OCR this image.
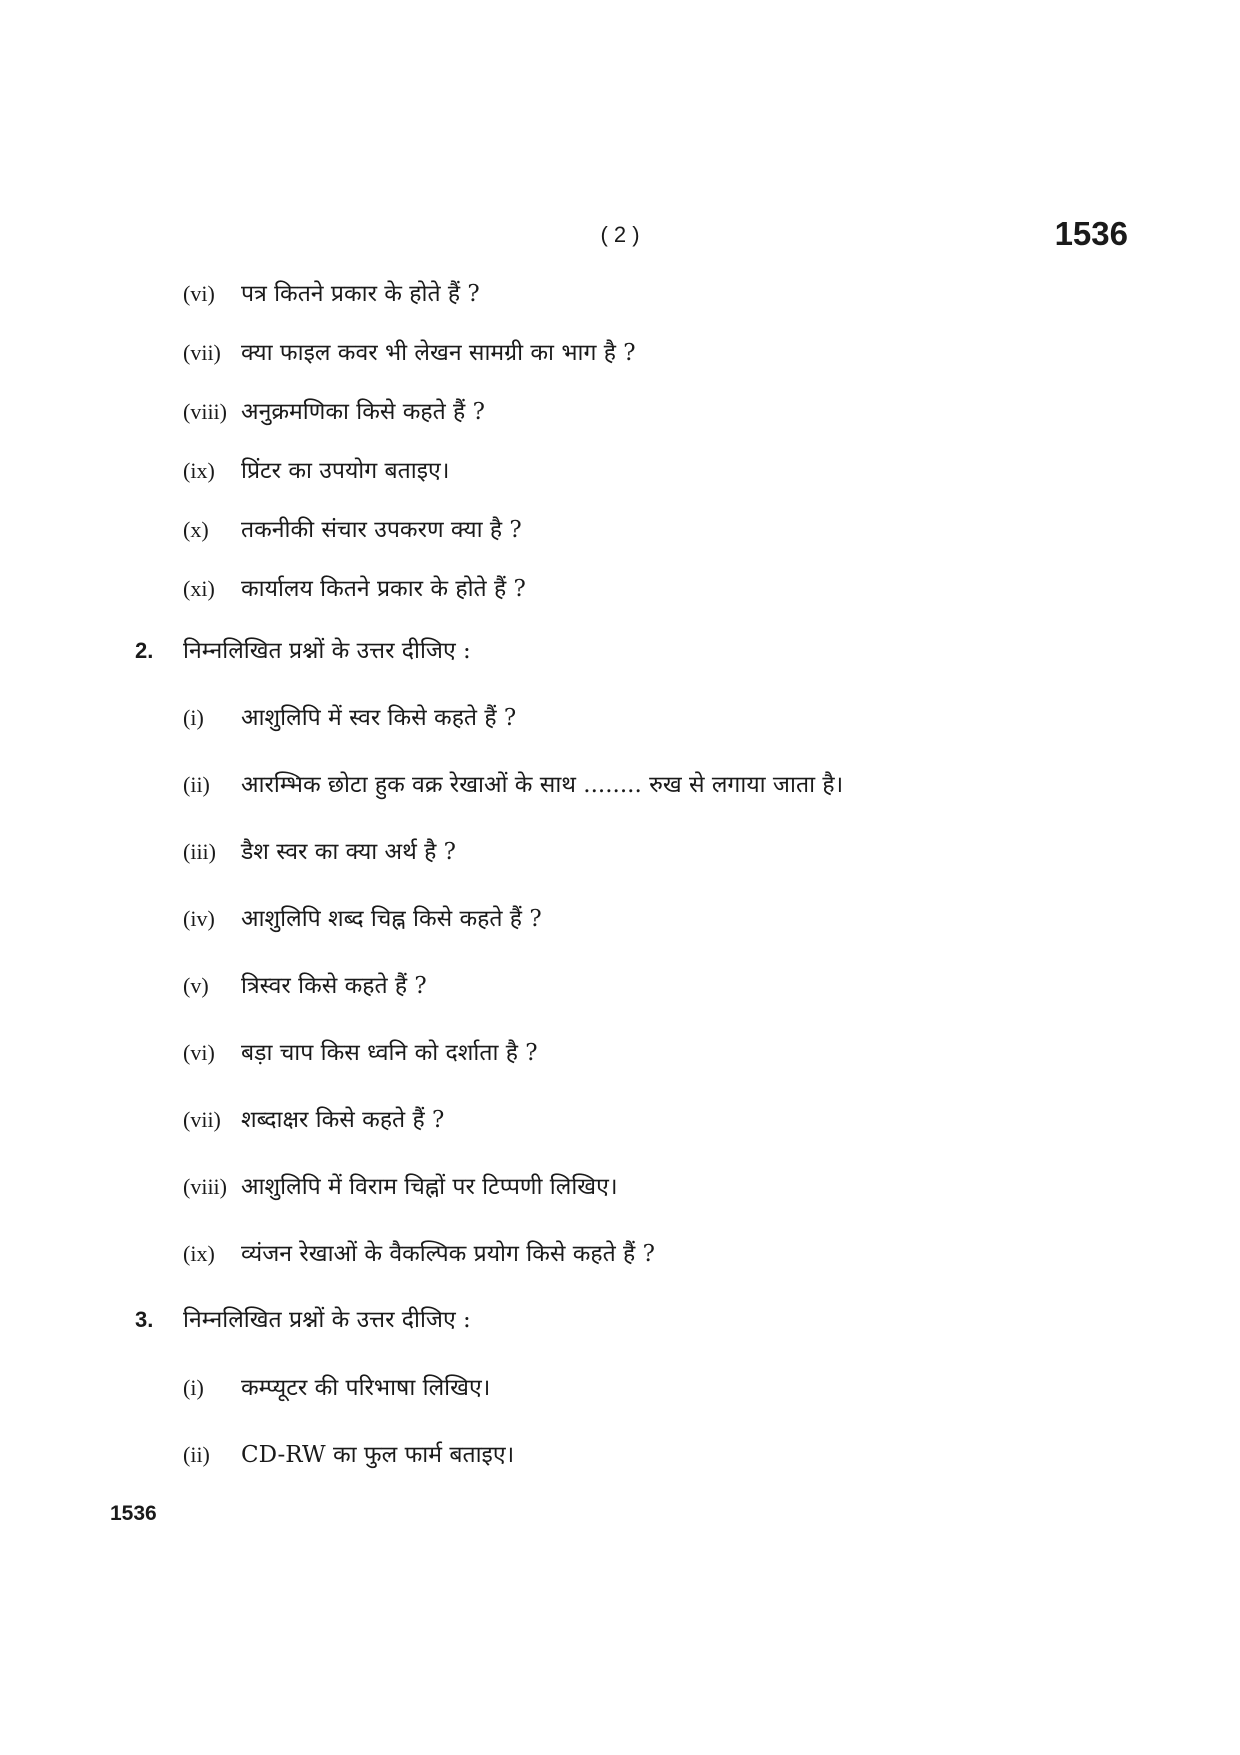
( 2 )	1536
(vi)	पत्र कितने प्रकार के होते हैं ?
(vii) क्या फाइल कवर भी लेखन सामग्री का भाग है ?
(viii) अनुक्रमणिका किसे कहते हैं ?
(ix)	प्रिंटर का उपयोग बताइए।
(x)	तकनीकी संचार उपकरण क्या है ?
(xi)	कार्यालय कितने प्रकार के होते हैं ?
2.	निम्नलिखित प्रश्नों के उत्तर दीजिए :
(i)	आशुलिपि में स्वर किसे कहते हैं ?
(ii)	आरम्भिक छोटा हुक वक्र रेखाओं के साथ ........ रुख से लगाया जाता है।
(iii)	डैश स्वर का क्या अर्थ है ?
(iv)	आशुलिपि शब्द चिह्न किसे कहते हैं ?
(v)	त्रिस्वर किसे कहते हैं ?
(vi)	बड़ा चाप किस ध्वनि को दर्शाता है ?
(vii) शब्दाक्षर किसे कहते हैं ?
(viii) आशुलिपि में विराम चिह्नों पर टिप्पणी लिखिए।
(ix)	व्यंजन रेखाओं के वैकल्पिक प्रयोग किसे कहते हैं ?
3.	निम्नलिखित प्रश्नों के उत्तर दीजिए :
(i)	कम्प्यूटर की परिभाषा लिखिए।
(ii)	CD-RW का फुल फार्म बताइए।
1536
